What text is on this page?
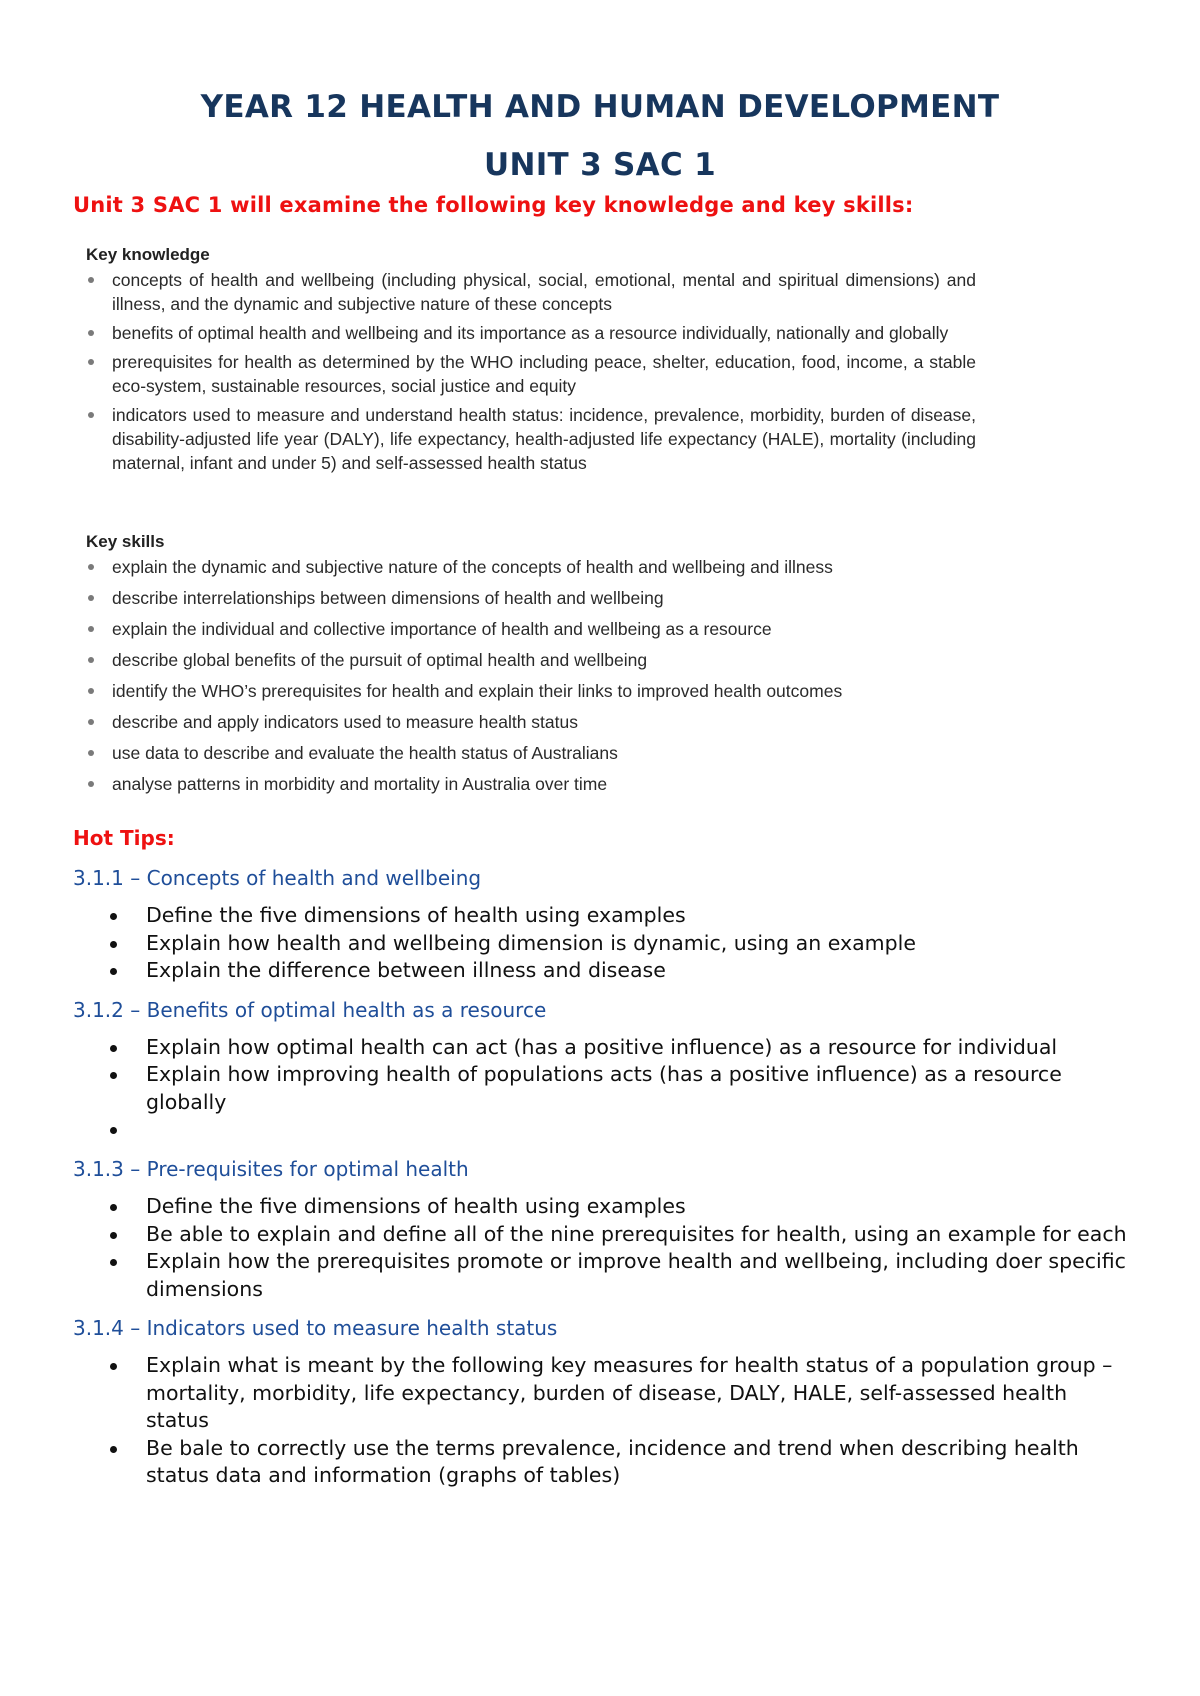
YEAR 12 HEALTH AND HUMAN DEVELOPMENT
UNIT 3 SAC 1

Unit 3 SAC 1 will examine the following key knowledge and key skills:

Key knowledge
concepts of health and wellbeing (including physical, social, emotional, mental and spiritual dimensions) and illness, and the dynamic and subjective nature of these concepts
benefits of optimal health and wellbeing and its importance as a resource individually, nationally and globally
prerequisites for health as determined by the WHO including peace, shelter, education, food, income, a stable eco-system, sustainable resources, social justice and equity
indicators used to measure and understand health status: incidence, prevalence, morbidity, burden of disease, disability-adjusted life year (DALY), life expectancy, health-adjusted life expectancy (HALE), mortality (including maternal, infant and under 5) and self-assessed health status
Key skills
explain the dynamic and subjective nature of the concepts of health and wellbeing and illness
describe interrelationships between dimensions of health and wellbeing
explain the individual and collective importance of health and wellbeing as a resource
describe global benefits of the pursuit of optimal health and wellbeing
identify the WHO’s prerequisites for health and explain their links to improved health outcomes
describe and apply indicators used to measure health status
use data to describe and evaluate the health status of Australians
analyse patterns in morbidity and mortality in Australia over time

Hot Tips:

3.1.1 – Concepts of health and wellbeing
Define the five dimensions of health using examples
Explain how health and wellbeing dimension is dynamic, using an example
Explain the difference between illness and disease
3.1.2 – Benefits of optimal health as a resource
Explain how optimal health can act (has a positive influence) as a resource for individual
Explain how improving health of populations acts (has a positive influence) as a resource globally
3.1.3 – Pre-requisites for optimal health
Define the five dimensions of health using examples
Be able to explain and define all of the nine prerequisites for health, using an example for each
Explain how the prerequisites promote or improve health and wellbeing, including doer specific dimensions
3.1.4 – Indicators used to measure health status
Explain what is meant by the following key measures for health status of a population group – mortality, morbidity, life expectancy, burden of disease, DALY, HALE, self-assessed health status
Be bale to correctly use the terms prevalence, incidence and trend when describing health status data and information (graphs of tables)
